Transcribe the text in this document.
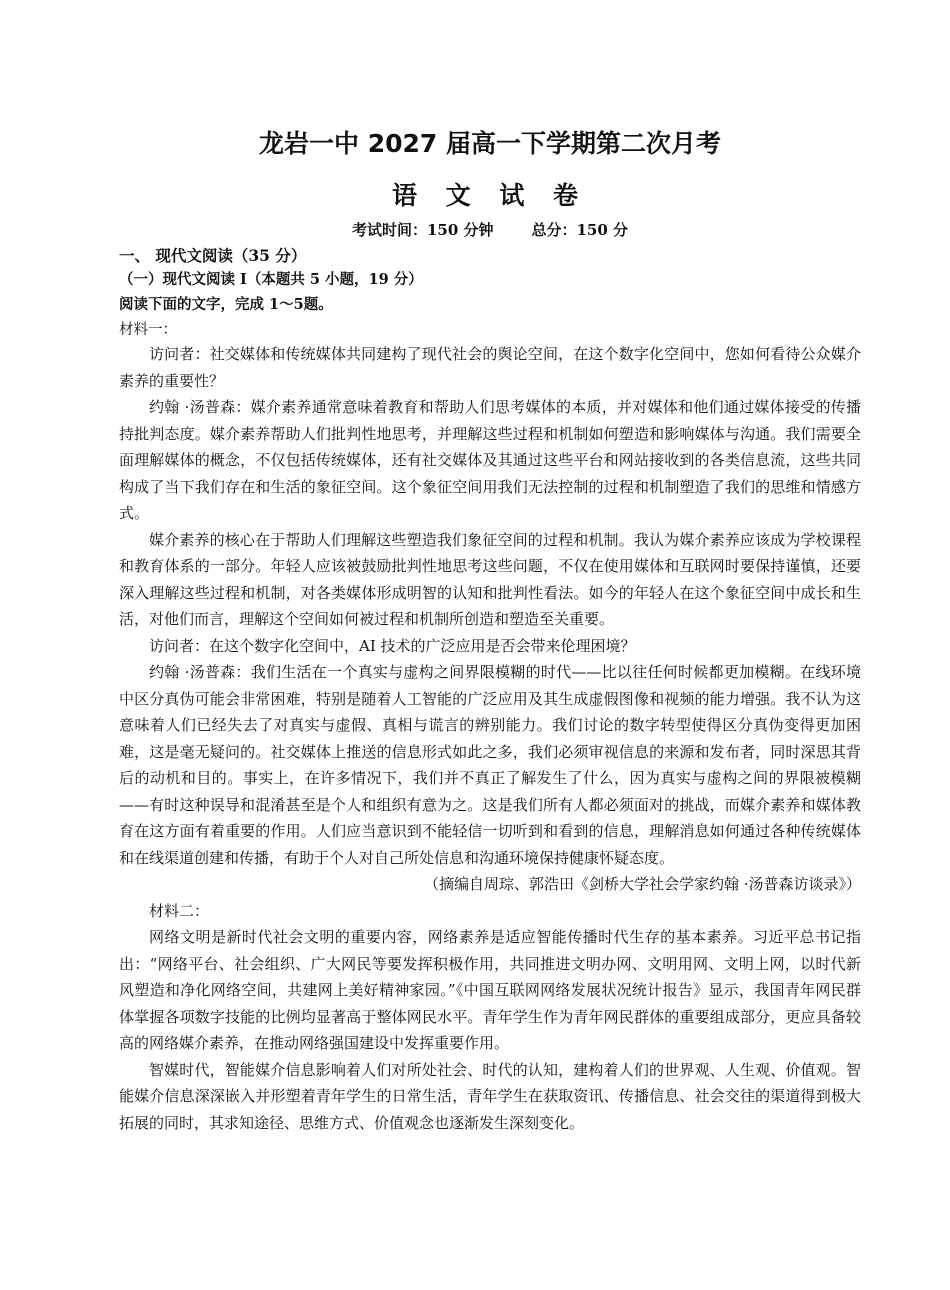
龙岩一中 2027 届高一下学期第二次月考
语 文 试 卷
考试时间：150 分钟	总分：150 分
一、 现代文阅读（35 分）
（一）现代文阅读 I（本题共 5 小题，19 分）
阅读下面的文字，完成 1～5题。
材料一：

访问者：社交媒体和传统媒体共同建构了现代社会的舆论空间，在这个数字化空间中，您如何看待公众媒介素养的重要性？

约翰 ·汤普森：媒介素养通常意味着教育和帮助人们思考媒体的本质，并对媒体和他们通过媒体接受的传播持批判态度。媒介素养帮助人们批判性地思考，并理解这些过程和机制如何塑造和影响媒体与沟通。我们需要全面理解媒体的概念，不仅包括传统媒体，还有社交媒体及其通过这些平台和网站接收到的各类信息流，这些共同构成了当下我们存在和生活的象征空间。这个象征空间用我们无法控制的过程和机制塑造了我们的思维和情感方式。

媒介素养的核心在于帮助人们理解这些塑造我们象征空间的过程和机制。我认为媒介素养应该成为学校课程和教育体系的一部分。年轻人应该被鼓励批判性地思考这些问题，不仅在使用媒体和互联网时要保持谨慎，还要深入理解这些过程和机制，对各类媒体形成明智的认知和批判性看法。如今的年轻人在这个象征空间中成长和生活，对他们而言，理解这个空间如何被过程和机制所创造和塑造至关重要。

访问者：在这个数字化空间中，AI 技术的广泛应用是否会带来伦理困境？

约翰 ·汤普森：我们生活在一个真实与虚构之间界限模糊的时代——比以往任何时候都更加模糊。在线环境中区分真伪可能会非常困难，特别是随着人工智能的广泛应用及其生成虚假图像和视频的能力增强。我不认为这意味着人们已经失去了对真实与虚假、真相与谎言的辨别能力。我们讨论的数字转型使得区分真伪变得更加困难，这是毫无疑问的。社交媒体上推送的信息形式如此之多，我们必须审视信息的来源和发布者，同时深思其背后的动机和目的。事实上，在许多情况下，我们并不真正了解发生了什么，因为真实与虚构之间的界限被模糊——有时这种误导和混淆甚至是个人和组织有意为之。这是我们所有人都必须面对的挑战，而媒介素养和媒体教育在这方面有着重要的作用。人们应当意识到不能轻信一切听到和看到的信息，理解消息如何通过各种传统媒体和在线渠道创建和传播，有助于个人对自己所处信息和沟通环境保持健康怀疑态度。

（摘编自周琮、郭浩田《剑桥大学社会学家约翰 ·汤普森访谈录》）

材料二：

网络文明是新时代社会文明的重要内容，网络素养是适应智能传播时代生存的基本素养。习近平总书记指出：“网络平台、社会组织、广大网民等要发挥积极作用，共同推进文明办网、文明用网、文明上网，以时代新风塑造和净化网络空间，共建网上美好精神家园。”《中国互联网网络发展状况统计报告》显示，我国青年网民群体掌握各项数字技能的比例均显著高于整体网民水平。青年学生作为青年网民群体的重要组成部分，更应具备较高的网络媒介素养，在推动网络强国建设中发挥重要作用。

智媒时代，智能媒介信息影响着人们对所处社会、时代的认知，建构着人们的世界观、人生观、价值观。智能媒介信息深深嵌入并形塑着青年学生的日常生活，青年学生在获取资讯、传播信息、社会交往的渠道得到极大拓展的同时，其求知途径、思维方式、价值观念也逐渐发生深刻变化。
